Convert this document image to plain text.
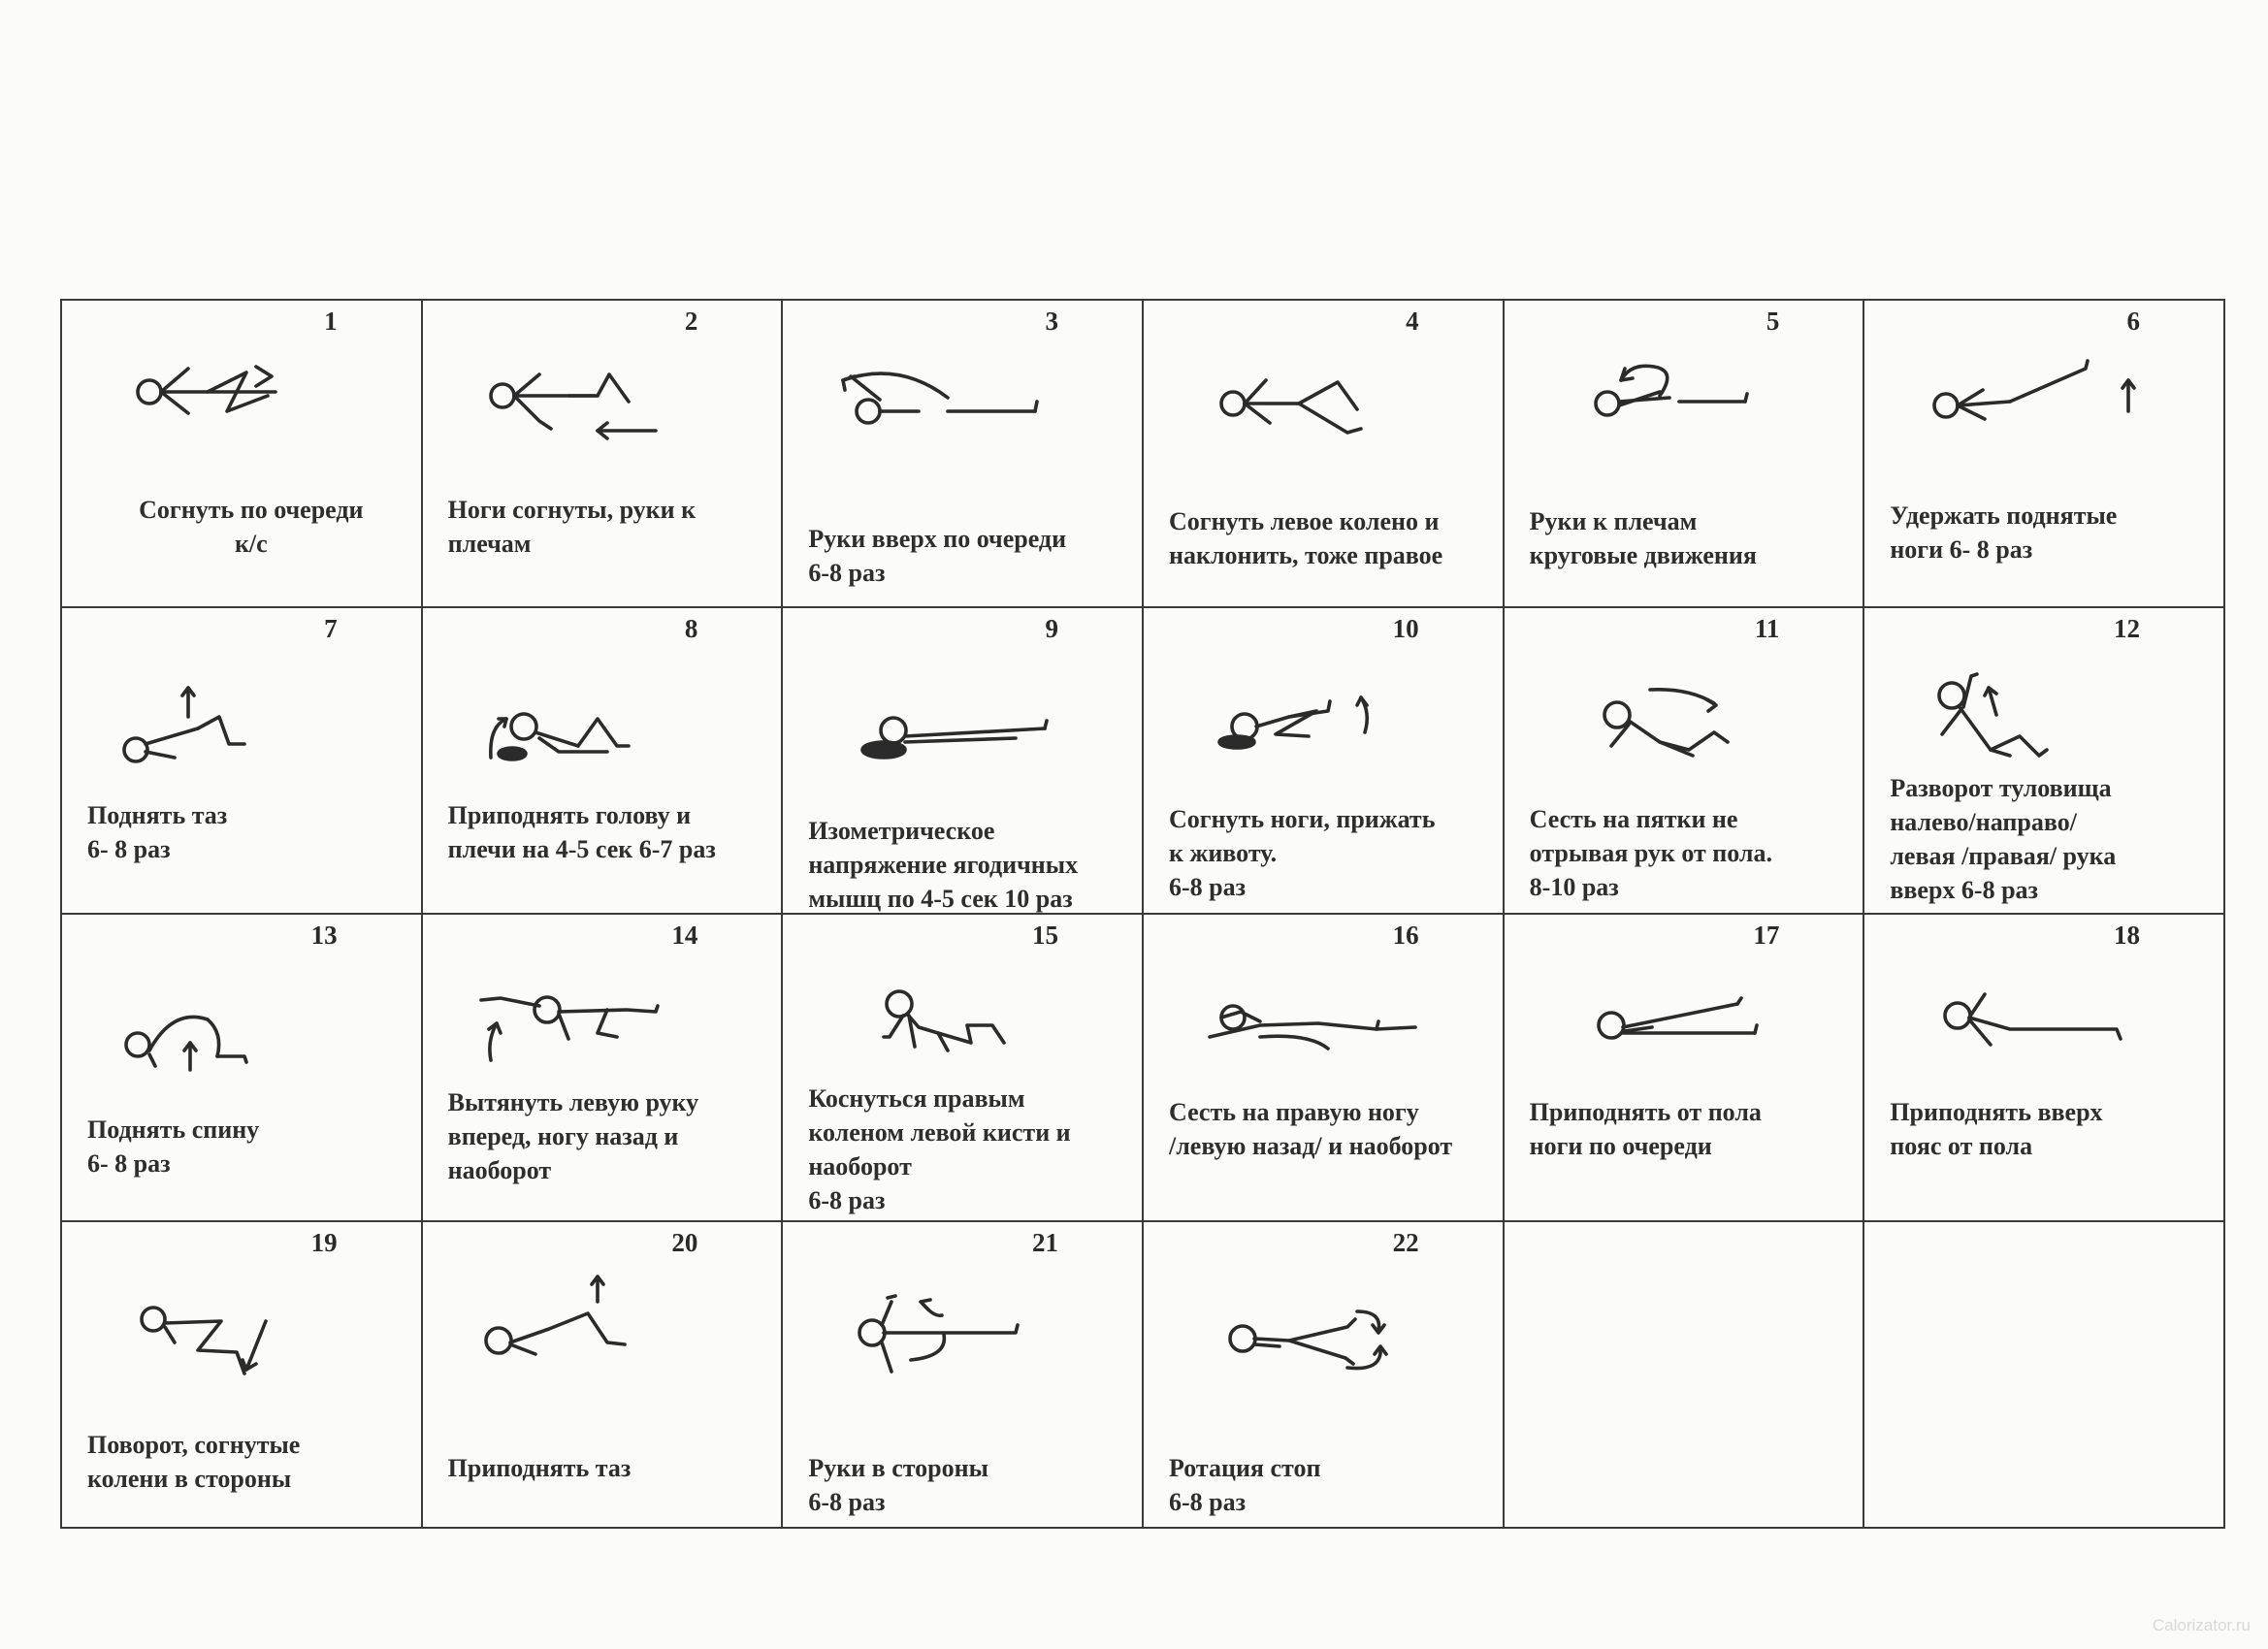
1
Согнуть по очереди
к/с
2
Ноги согнуты, руки к
плечам
3
Руки вверх по очереди
6-8 раз
4
Согнуть левое колено и
наклонить, тоже правое
5
Руки к плечам
круговые движения
6
Удержать поднятые
ноги 6- 8 раз
7
Поднять таз
6- 8 раз
8
Приподнять голову и
плечи на 4-5 сек 6-7 раз
9
Изометрическое
напряжение ягодичных
мышц по 4-5 сек 10 раз
10
Согнуть ноги, прижать
к животу.
6-8 раз
11
Сесть на пятки не
отрывая рук от пола.
8-10 раз
12
Разворот туловища
налево/направо/
левая /правая/ рука
вверх 6-8 раз
13
Поднять спину
6- 8 раз
14
Вытянуть левую руку
вперед, ногу назад и
наоборот
15
Коснуться правым
коленом левой кисти и
наоборот
6-8 раз
16
Сесть на правую ногу
/левую назад/ и наоборот
17
Приподнять от пола
ноги по очереди
18
Приподнять вверх
пояс от пола
19
Поворот, согнутые
колени в стороны
20
Приподнять таз
21
Руки в стороны
6-8 раз
22
Ротация стоп
6-8 раз
Calorizator.ru
